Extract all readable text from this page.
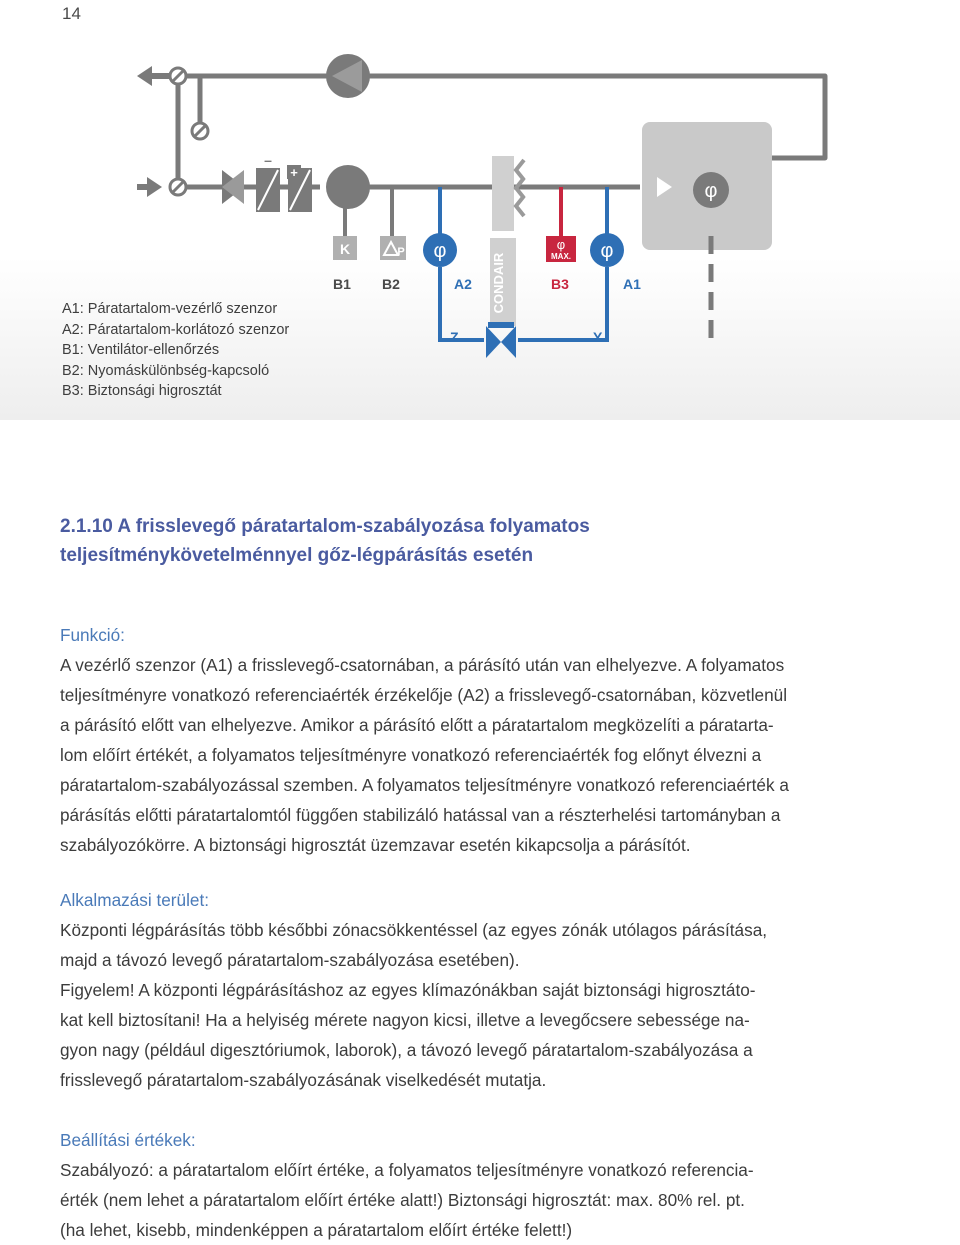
14
–
+
CONDAIR
φ
K	P φ	φ
MAX. φ
B1 B2	A2	B3	A1
Z	Y
A1: Páratartalom-vezérlő szenzor
A2: Páratartalom-korlátozó szenzor
B1: Ventilátor-ellenőrzés
B2: Nyomáskülönbség-kapcsoló
B3: Biztonsági higrosztát
2.1.10 A frisslevegő páratartalom-szabályozása folyamatos
teljesítménykövetelménnyel gőz-légpárásítás esetén

Funkció:

A vezérlő szenzor (A1) a frisslevegő-csatornában, a párásító után van elhelyezve. A folyamatos

teljesítményre vonatkozó referenciaérték érzékelője (A2) a frisslevegő-csatornában, közvetlenül

a párásító előtt van elhelyezve. Amikor a párásító előtt a páratartalom megközelíti a páratarta-

lom előírt értékét, a folyamatos teljesítményre vonatkozó referenciaérték fog előnyt élvezni a

páratartalom-szabályozással szemben. A folyamatos teljesítményre vonatkozó referenciaérték a

párásítás előtti páratartalomtól függően stabilizáló hatással van a részterhelési tartományban a

szabályozókörre. A biztonsági higrosztát üzemzavar esetén kikapcsolja a párásítót.

Alkalmazási terület:

Központi légpárásítás több későbbi zónacsökkentéssel (az egyes zónák utólagos párásítása,

majd a távozó levegő páratartalom-szabályozása esetében).

Figyelem! A központi légpárásításhoz az egyes klímazónákban saját biztonsági higrosztáto-

kat kell biztosítani! Ha a helyiség mérete nagyon kicsi, illetve a levegőcsere sebessége na-

gyon nagy (például digesztóriumok, laborok), a távozó levegő páratartalom-szabályozása a

frisslevegő páratartalom-szabályozásának viselkedését mutatja.

Beállítási értékek:

Szabályozó: a páratartalom előírt értéke, a folyamatos teljesítményre vonatkozó referencia-

érték (nem lehet a páratartalom előírt értéke alatt!) Biztonsági higrosztát: max. 80% rel. pt.

(ha lehet, kisebb, mindenképpen a páratartalom előírt értéke felett!)
